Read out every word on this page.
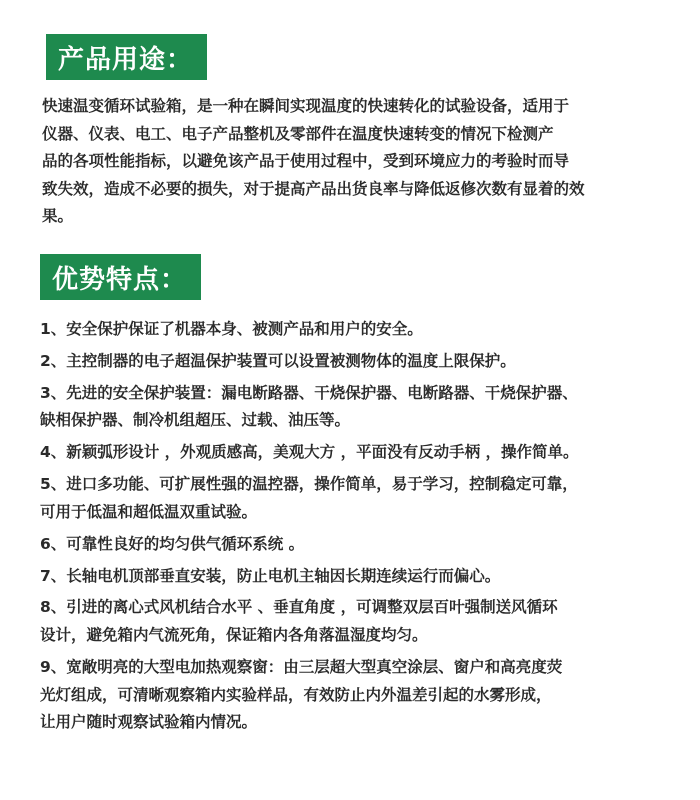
产品用途：

快速温变循环试验箱，是一种在瞬间实现温度的快速转化的试验设备，适用于
仪器、仪表、电工、电子产品整机及零部件在温度快速转变的情况下检测产
品的各项性能指标，以避免该产品于使用过程中，受到环境应力的考验时而导
致失效，造成不必要的损失，对于提高产品出货良率与降低返修次数有显着的效
果。

优势特点：
1、安全保护保证了机器本身、被测产品和用户的安全。
2、主控制器的电子超温保护装置可以设置被测物体的温度上限保护。
3、先进的安全保护装置：漏电断路器、干烧保护器、电断路器、干烧保护器、
缺相保护器、制冷机组超压、过载、油压等。
4、新颖弧形设计 ，外观质感高，美观大方 ，平面没有反动手柄 ，操作简单。
5、进口多功能、可扩展性强的温控器，操作简单，易于学习，控制稳定可靠，
可用于低温和超低温双重试验。
6、可靠性良好的均匀供气循环系统 。
7、长轴电机顶部垂直安装，防止电机主轴因长期连续运行而偏心。
8、引进的离心式风机结合水平 、垂直角度 ，可调整双层百叶强制送风循环
设计，避免箱内气流死角，保证箱内各角落温湿度均匀。
9、宽敞明亮的大型电加热观察窗：由三层超大型真空涂层、窗户和高亮度荧
光灯组成，可清晰观察箱内实验样品，有效防止内外温差引起的水雾形成，
让用户随时观察试验箱内情况。
